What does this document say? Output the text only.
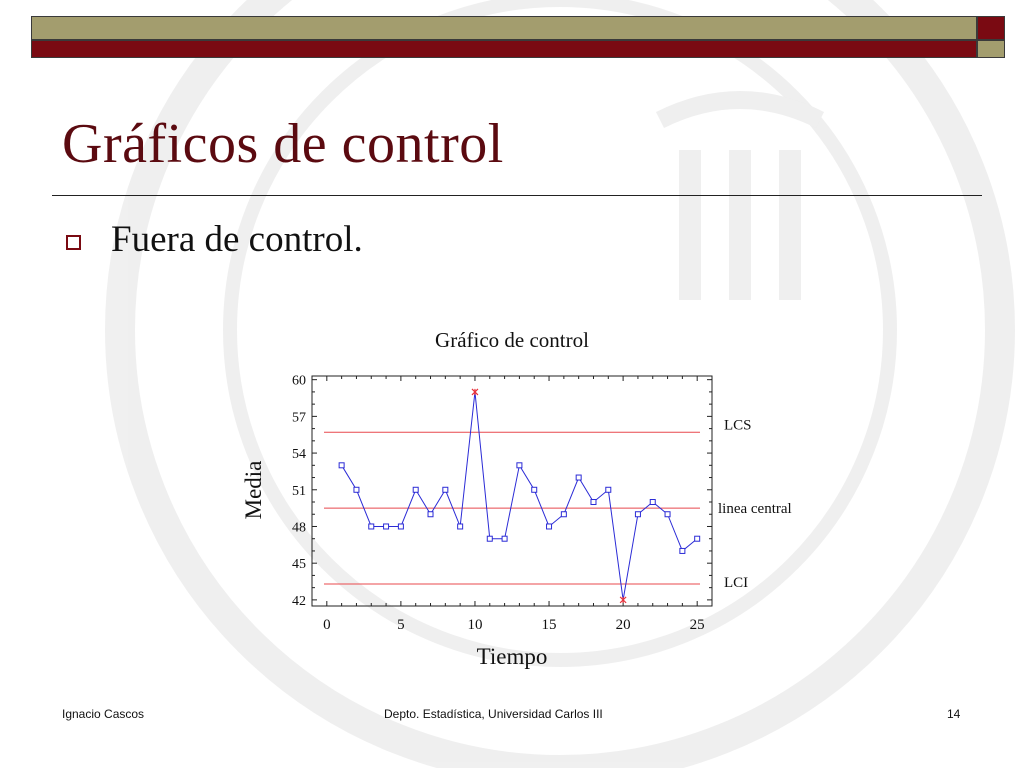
Gráficos de control
Fuera de control.
Gráfico de control
Media
Tiempo
42
45
48
51
54
57
60
0	5	10	15	20	25
LCS
linea central
LCI
Ignacio Cascos	Depto. Estadística, Universidad Carlos III	14
